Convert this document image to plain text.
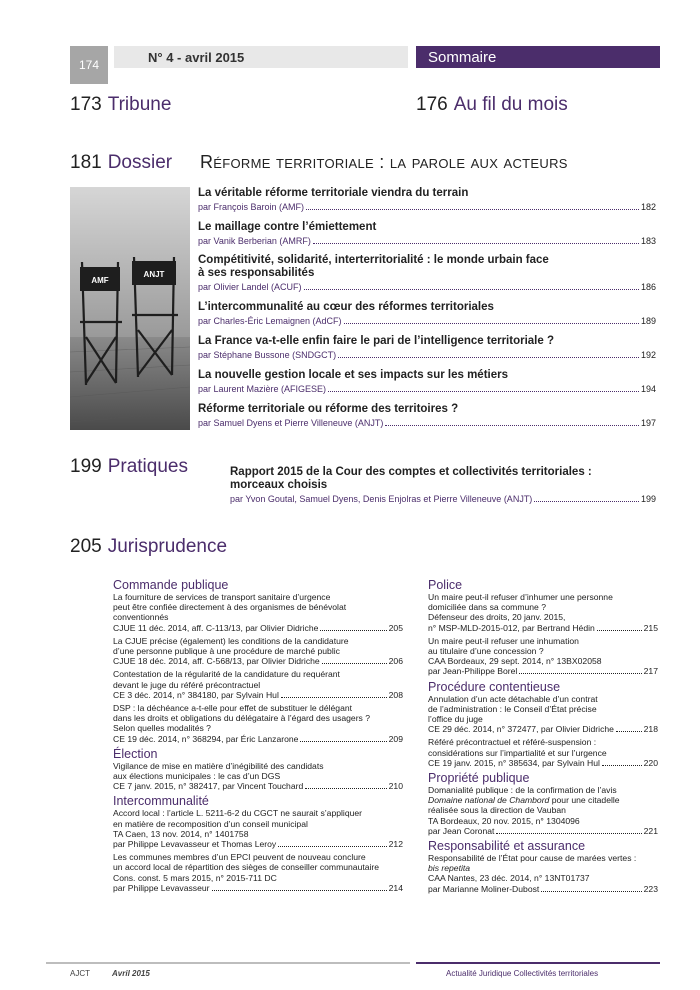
174	N° 4 - avril 2015	Sommaire
173 Tribune	176 Au fil du mois
181 Dossier Réforme territoriale : la parole aux acteurs
AMF
ANJT
La véritable réforme territoriale viendra du terrain
par François Baroin (AMF)	182
Le maillage contre l’émiettement
par Vanik Berberian (AMRF)	183
Compétitivité, solidarité, interterritorialité : le monde urbain face
à ses responsabilités
par Olivier Landel (ACUF)	186
L’intercommunalité au cœur des réformes territoriales
par Charles-Éric Lemaignen (AdCF)	189
La France va-t-elle enfin faire le pari de l’intelligence territoriale ?
par Stéphane Bussone (SNDGCT)	192
La nouvelle gestion locale et ses impacts sur les métiers
par Laurent Mazière (AFIGESE)	194
Réforme territoriale ou réforme des territoires ?
par Samuel Dyens et Pierre Villeneuve (ANJT)	197
199 Pratiques	Rapport 2015 de la Cour des comptes et collectivités territoriales :
morceaux choisis
par Yvon Goutal, Samuel Dyens, Denis Enjolras et Pierre Villeneuve (ANJT)	199
205 Jurisprudence
Commande publique
La fourniture de services de transport sanitaire d’urgence
peut être confiée directement à des organismes de bénévolat
conventionnés
CJUE 11 déc. 2014, aff. C-113/13, par Olivier Didriche	205
La CJUE précise (également) les conditions de la candidature
d’une personne publique à une procédure de marché public
CJUE 18 déc. 2014, aff. C-568/13, par Olivier Didriche	206
Contestation de la régularité de la candidature du requérant
devant le juge du référé précontractuel
CE 3 déc. 2014, n° 384180, par Sylvain Hul	208
DSP : la déchéance a-t-elle pour effet de substituer le délégant
dans les droits et obligations du délégataire à l’égard des usagers ?
Selon quelles modalités ?
CE 19 déc. 2014, n° 368294, par Éric Lanzarone	209
Élection
Vigilance de mise en matière d’inégibilité des candidats
aux élections municipales : le cas d’un DGS
CE 7 janv. 2015, n° 382417, par Vincent Touchard	210
Intercommunalité
Accord local : l’article L. 5211-6-2 du CGCT ne saurait s’appliquer
en matière de recomposition d’un conseil municipal
TA Caen, 13 nov. 2014, n° 1401758
par Philippe Levavasseur et Thomas Leroy	212
Les communes membres d’un EPCI peuvent de nouveau conclure
un accord local de répartition des sièges de conseiller communautaire
Cons. const. 5 mars 2015, n° 2015-711 DC
par Philippe Levavasseur	214
Police
Un maire peut-il refuser d’inhumer une personne
domiciliée dans sa commune ?
Défenseur des droits, 20 janv. 2015,
n° MSP-MLD-2015-012, par Bertrand Hédin	215
Un maire peut-il refuser une inhumation
au titulaire d’une concession ?
CAA Bordeaux, 29 sept. 2014, n° 13BX02058
par Jean-Philippe Borel	217
Procédure contentieuse
Annulation d’un acte détachable d’un contrat
de l’administration : le Conseil d’État précise
l’office du juge
CE 29 déc. 2014, n° 372477, par Olivier Didriche	218
Référé précontractuel et référé-suspension :
considérations sur l’impartialité et sur l’urgence
CE 19 janv. 2015, n° 385634, par Sylvain Hul	220
Propriété publique
Domanialité publique : de la confirmation de l’avis
Domaine national de Chambord pour une citadelle
réalisée sous la direction de Vauban
TA Bordeaux, 20 nov. 2015, n° 1304096
par Jean Coronat	221
Responsabilité et assurance
Responsabilité de l’État pour cause de marées vertes :
bis repetita
CAA Nantes, 23 déc. 2014, n° 13NT01737
par Marianne Moliner-Dubost	223
AJCT	Avril 2015	Actualité Juridique Collectivités territoriales
